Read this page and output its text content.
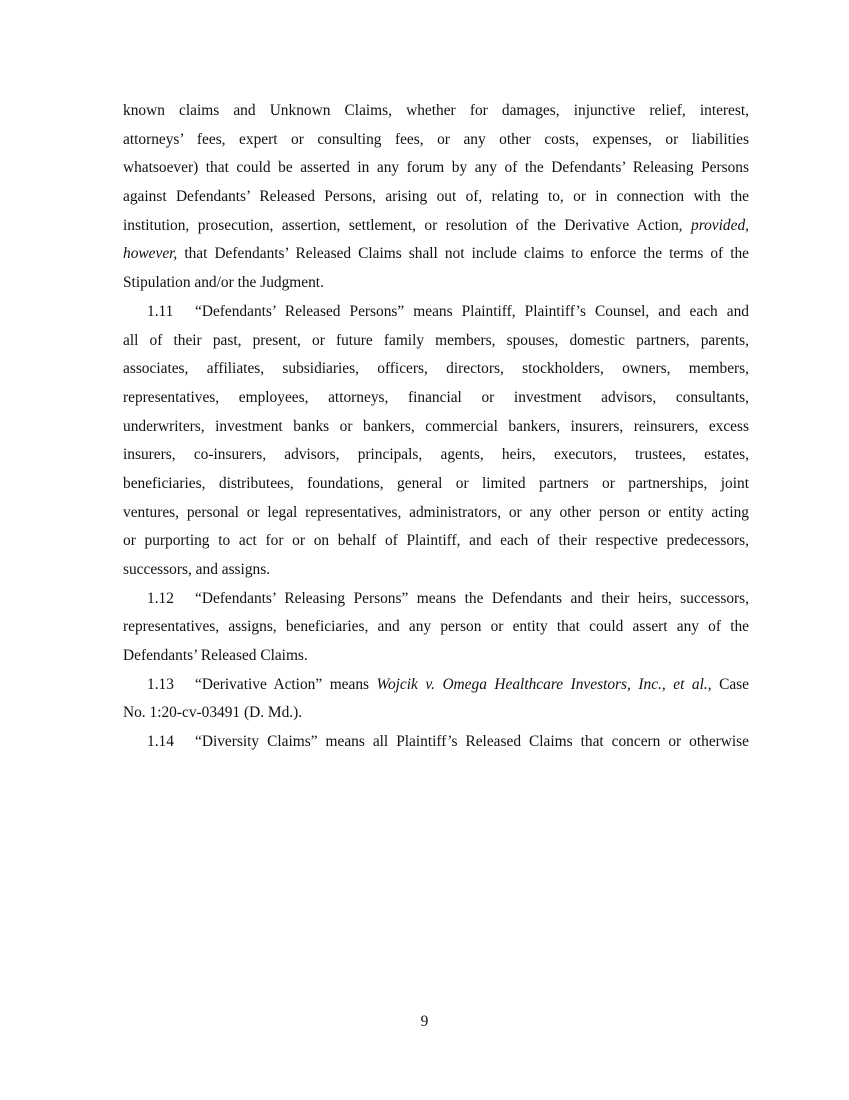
known claims and Unknown Claims, whether for damages, injunctive relief, interest,
attorneys’ fees, expert or consulting fees, or any other costs, expenses, or liabilities
whatsoever) that could be asserted in any forum by any of the Defendants’ Releasing Persons
against Defendants’ Released Persons, arising out of, relating to, or in connection with the
institution, prosecution, assertion, settlement, or resolution of the Derivative Action, provided,
however, that Defendants’ Released Claims shall not include claims to enforce the terms of the
Stipulation and/or the Judgment.
1.11 “Defendants’ Released Persons” means Plaintiff, Plaintiff’s Counsel, and each and
all of their past, present, or future family members, spouses, domestic partners, parents,
associates, affiliates, subsidiaries, officers, directors, stockholders, owners, members,
representatives, employees, attorneys, financial or investment advisors, consultants,
underwriters, investment banks or bankers, commercial bankers, insurers, reinsurers, excess
insurers, co-insurers, advisors, principals, agents, heirs, executors, trustees, estates,
beneficiaries, distributees, foundations, general or limited partners or partnerships, joint
ventures, personal or legal representatives, administrators, or any other person or entity acting
or purporting to act for or on behalf of Plaintiff, and each of their respective predecessors,
successors, and assigns.
1.12 “Defendants’ Releasing Persons” means the Defendants and their heirs, successors,
representatives, assigns, beneficiaries, and any person or entity that could assert any of the
Defendants’ Released Claims.
1.13 “Derivative Action” means Wojcik v. Omega Healthcare Investors, Inc., et al., Case
No. 1:20-cv-03491 (D. Md.).
1.14 “Diversity Claims” means all Plaintiff’s Released Claims that concern or otherwise
9
